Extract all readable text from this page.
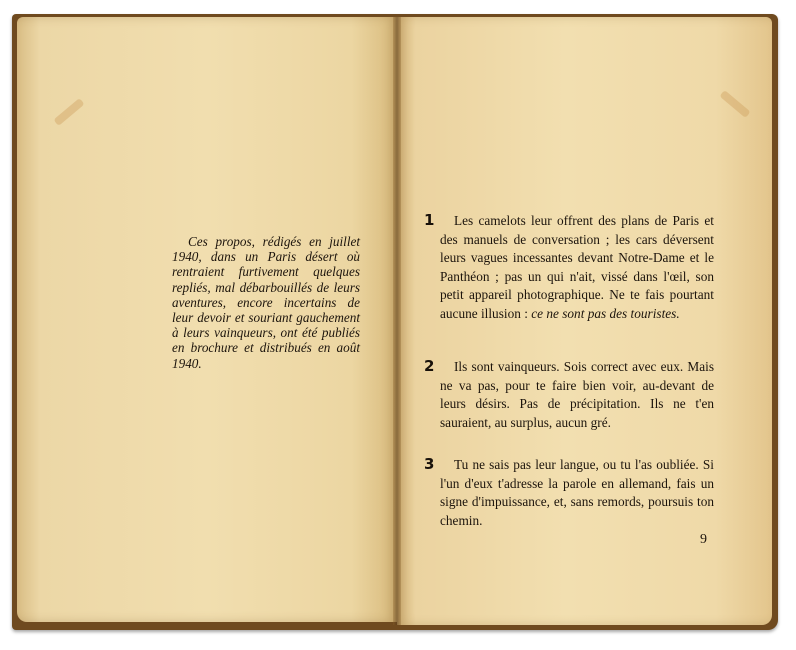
Ces propos, rédigés en juillet 1940, dans un Paris désert où rentraient furtivement quelques repliés, mal débarbouillés de leurs aventures, encore incertains de leur devoir et souriant gauchement à leurs vainqueurs, ont été publiés en brochure et distribués en août 1940.

1	Les camelots leur offrent des plans de Paris et des manuels de conversation ; les cars déversent leurs vagues incessantes devant Notre-Dame et le Panthéon ; pas un qui n'ait, vissé dans l'œil, son petit appareil photographique. Ne te fais pourtant aucune illusion : ce ne sont pas des touristes.

2	Ils sont vainqueurs. Sois correct avec eux. Mais ne va pas, pour te faire bien voir, au-devant de leurs désirs. Pas de précipitation. Ils ne t'en sauraient, au surplus, aucun gré.

3	Tu ne sais pas leur langue, ou tu l'as oubliée. Si l'un d'eux t'adresse la parole en allemand, fais un signe d'impuissance, et, sans remords, poursuis ton chemin.

9
